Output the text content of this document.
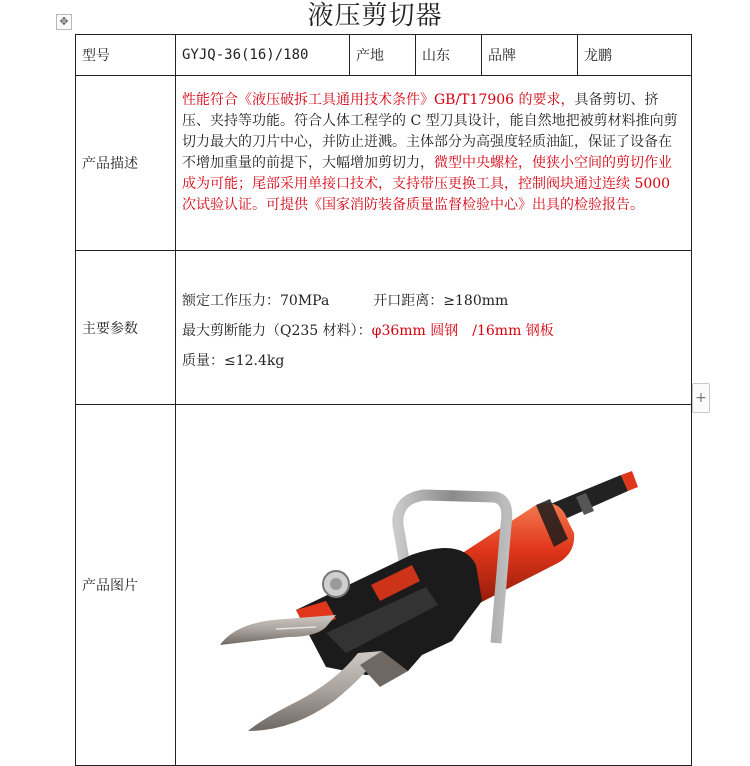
✥	液压剪切器
型号	GYJQ-36(16)/180	产地	山东	品牌	龙鹏
产品描述	性能符合《液压破拆工具通用技术条件》GB/T17906 的要求，具备剪切、挤压、夹持等功能。符合人体工程学的 C 型刀具设计，能自然地把被剪材料推向剪切力最大的刀片中心，并防止迸溅。主体部分为高强度轻质油缸，保证了设备在不增加重量的前提下，大幅增加剪切力，微型中央螺栓，使狭小空间的剪切作业成为可能；尾部采用单接口技术，支持带压更换工具，控制阀块通过连续 5000 次试验认证。可提供《国家消防装备质量监督检验中心》出具的检验报告。				
主要参数	额定工作压力：70MPa 开口距离：≥180mm
最大剪断能力（Q235 材料）：φ36mm 圆钢　/16mm 钢板
质量：≤12.4kg				

产品图片	
+
